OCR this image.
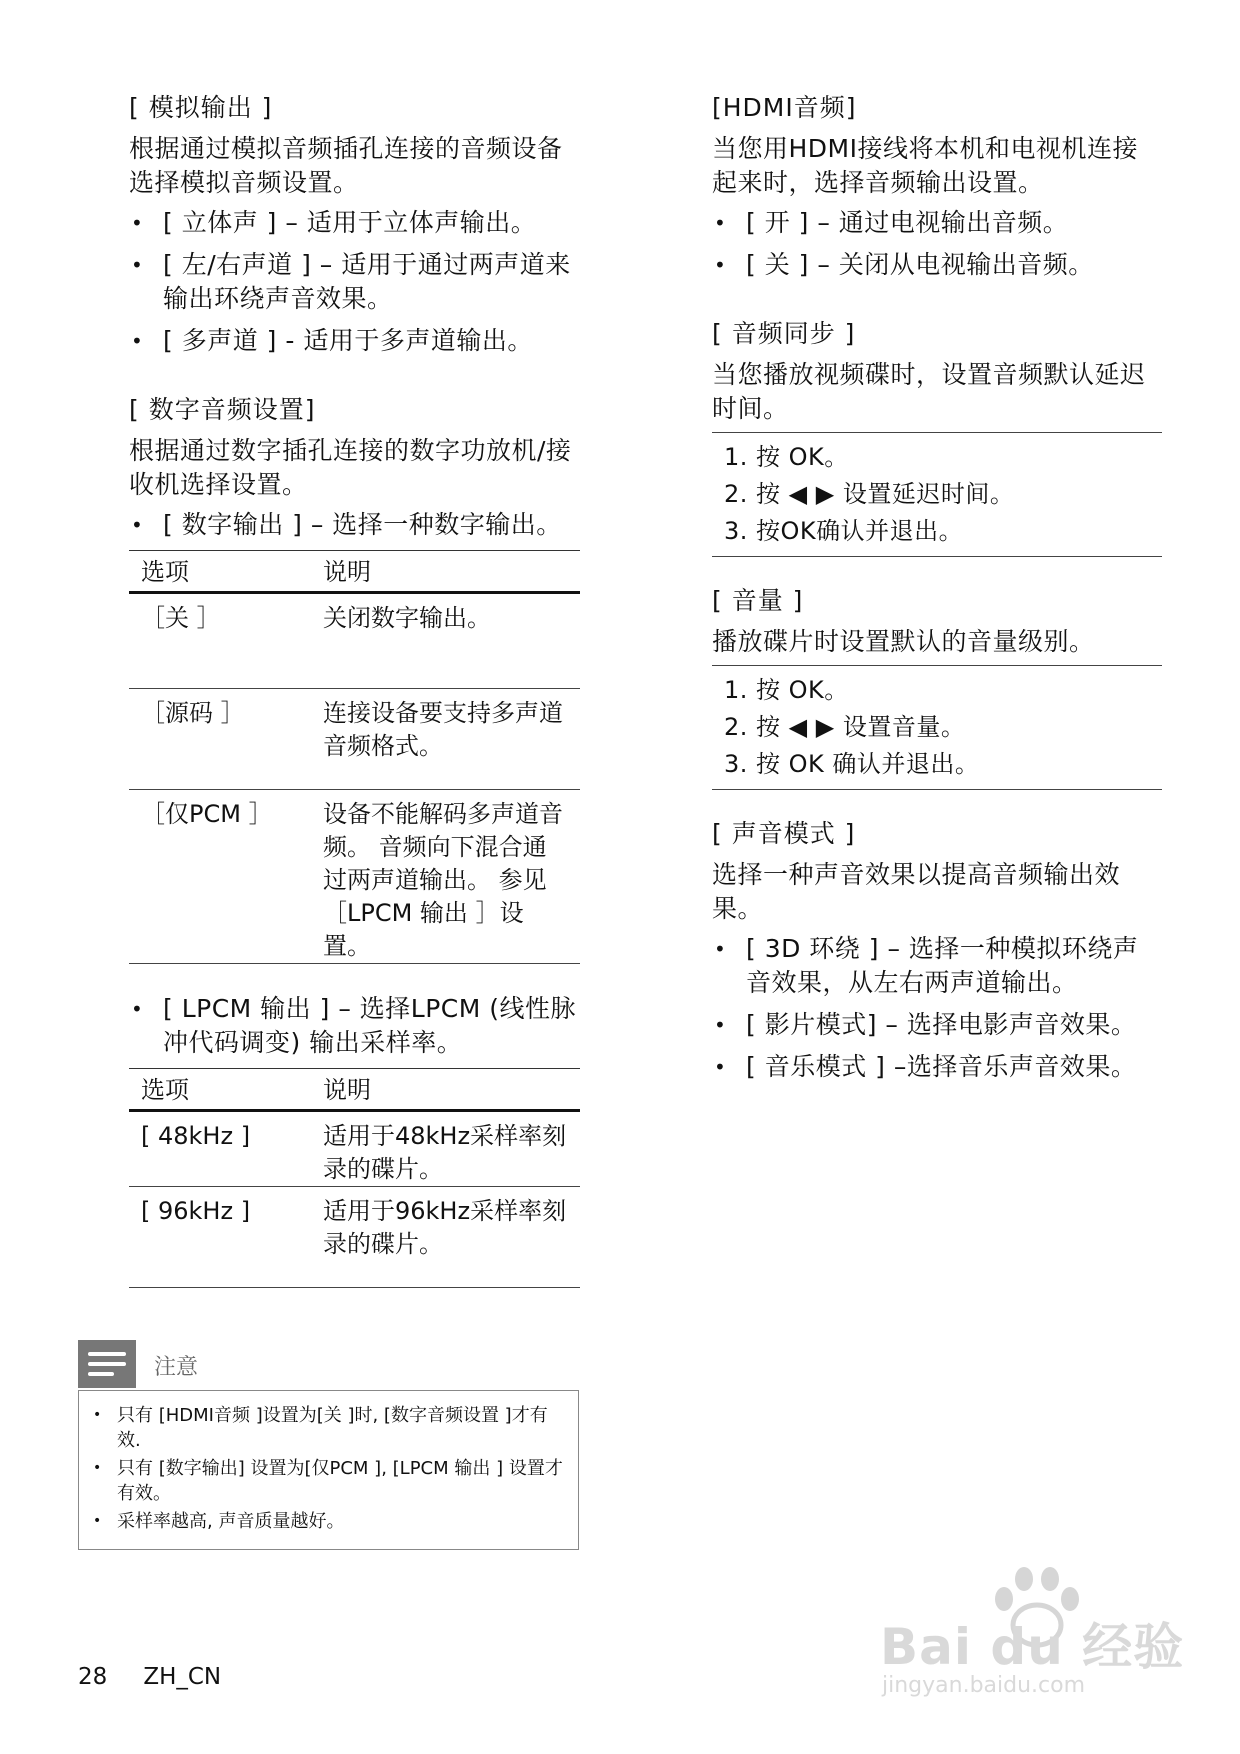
[ 模拟输出 ]
根据通过模拟音频插孔连接的音频设备选择模拟音频设置。
• [ 立体声 ] – 适用于立体声输出。
• [ 左/右声道 ] – 适用于通过两声道来输出环绕声音效果。
• [ 多声道 ] - 适用于多声道输出。
[ 数字音频设置]
根据通过数字插孔连接的数字功放机/接收机选择设置。
• [ 数字输出 ] – 选择一种数字输出。
选项	说明
［关 ］	关闭数字输出。
［源码 ］	连接设备要支持多声道音频格式。
［仅PCM ］	设备不能解码多声道音频。 音频向下混合通过两声道输出。 参见［LPCM 输出 ］设置。
• [ LPCM 输出 ] – 选择LPCM (线性脉冲代码调变) 输出采样率。
选项	说明
[ 48kHz ]	适用于48kHz采样率刻录的碟片。
[ 96kHz ]	适用于96kHz采样率刻录的碟片。
注意
• 只有 [HDMI音频 ]设置为[关 ]时, [数字音频设置 ]才有效.
• 只有 [数字输出] 设置为[仅PCM ], [LPCM 输出 ] 设置才有效。
• 采样率越高, 声音质量越好。
[HDMI音频]
当您用HDMI接线将本机和电视机连接起来时，选择音频输出设置。
• [ 开 ] – 通过电视输出音频。
• [ 关 ] – 关闭从电视输出音频。
[ 音频同步 ]
当您播放视频碟时，设置音频默认延迟时间。
1. 按 OK。
2. 按 ◀ ▶ 设置延迟时间。
3. 按OK确认并退出。
[ 音量 ]
播放碟片时设置默认的音量级别。
1. 按 OK。
2. 按 ◀ ▶ 设置音量。
3. 按 OK 确认并退出。
[ 声音模式 ]
选择一种声音效果以提高音频输出效果。
• [ 3D 环绕 ] – 选择一种模拟环绕声音效果，从左右两声道输出。
• [ 影片模式] – 选择电影声音效果。
• [ 音乐模式 ] –选择音乐声音效果。
28 ZH_CN
Bai du 经验
jingyan.baidu.com
